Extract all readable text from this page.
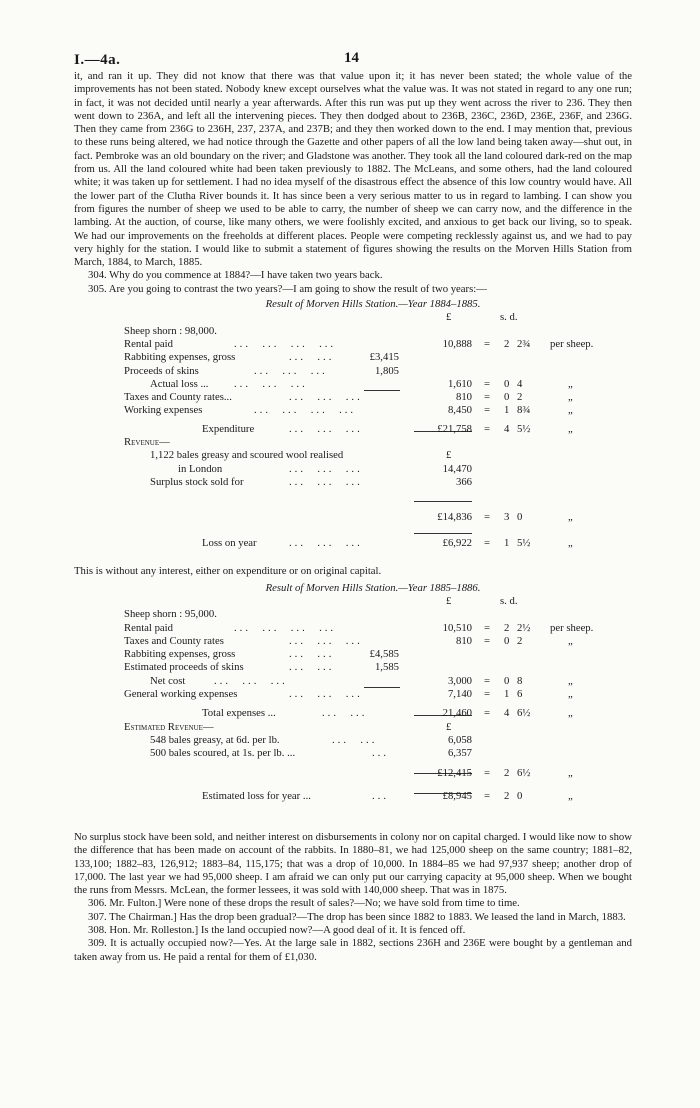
I.—4a.	14

it, and ran it up. They did not know that there was that value upon it; it has never been stated; the whole value of the improvements has not been stated. Nobody knew except ourselves what the value was. It was not stated in regard to any one run; in fact, it was not decided until nearly a year afterwards. After this run was put up they went across the river to 236. They then went down to 236A, and left all the intervening pieces. They then dodged about to 236B, 236C, 236D, 236E, 236F, and 236G. Then they came from 236G to 236H, 237, 237A, and 237B; and they then worked down to the end. I may mention that, previous to these runs being altered, we had notice through the Gazette and other papers of all the low land being taken away—shut out, in fact. Pembroke was an old boundary on the river; and Gladstone was another. They took all the land coloured dark-red on the map from us. All the land coloured white had been taken previously to 1882. The McLeans, and some others, had the land coloured white; it was taken up for settlement. I had no idea myself of the disastrous effect the absence of this low country would have. All the lower part of the Clutha River bounds it. It has since been a very serious matter to us in regard to lambing. I can show you from figures the number of sheep we used to be able to carry, the number of sheep we can carry now, and the difference in the lambing. At the auction, of course, like many others, we were foolishly excited, and anxious to get back our living, so to speak. We had our improvements on the freeholds at different places. People were competing recklessly against us, and we had to pay very highly for the station. I would like to submit a statement of figures showing the results on the Morven Hills Station from March, 1884, to March, 1885.

304. Why do you commence at 1884?—I have taken two years back.

305. Are you going to contrast the two years?—I am going to show the result of two years:—

Result of Morven Hills Station.—Year 1884–1885.
£	s. d.
Sheep shorn : 98,000.
Rental paid	...  ...  ...  ...	10,888 = 2 2¾ per sheep.
Rabbiting expenses, gross	...  ...	£3,415
Proceeds of skins	...  ...  ...	1,805
Actual loss ... ...  ...  ...	1,610 = 0 4	„
Taxes and County rates...	...  ...  ...	810 = 0 2	„
Working expenses	...  ...  ...  ...	8,450 = 1 8¾	„
Expenditure	...  ...  ...	£21,758 = 4 5½	„
Revenue—
1,122 bales greasy and scoured wool realised	£
in London	...  ...  ...	14,470
Surplus stock sold for	...  ...  ...	366
£14,836 = 3 0	„
Loss on year	...  ...  ...	£6,922 = 1 5½	„

This is without any interest, either on expenditure or on original capital.

Result of Morven Hills Station.—Year 1885–1886.
£	s. d.
Sheep shorn : 95,000.
Rental paid	...  ...  ...  ...	10,510 = 2 2½ per sheep.
Taxes and County rates	...  ...  ...	810 = 0 2	„
Rabbiting expenses, gross	...  ...	£4,585
Estimated proceeds of skins	...  ...	1,585
Net cost	...  ...  ...	3,000 = 0 8	„
General working expenses	...  ...  ...	7,140 = 1 6	„
Total expenses ...	...  ...	21,460 = 4 6½	„
Estimated Revenue—	£
548 bales greasy, at 6d. per lb.	...  ...	6,058
500 bales scoured, at 1s. per lb. ...	...	6,357
£12,415 = 2 6½	„
Estimated loss for year ...	...	£8,945 = 2 0	„

No surplus stock have been sold, and neither interest on disbursements in colony nor on capital charged. I would like now to show the difference that has been made on account of the rabbits. In 1880–81, we had 125,000 sheep on the same country; 1881–82, 133,100; 1882–83, 126,912; 1883–84, 115,175; that was a drop of 10,000. In 1884–85 we had 97,937 sheep; another drop of 17,000. The last year we had 95,000 sheep. I am afraid we can only put our carrying capacity at 95,000 sheep. When we bought the runs from Messrs. McLean, the former lessees, it was sold with 140,000 sheep. That was in 1875.

306. Mr. Fulton.] Were none of these drops the result of sales?—No; we have sold from time to time.

307. The Chairman.] Has the drop been gradual?—The drop has been since 1882 to 1883. We leased the land in March, 1883.

308. Hon. Mr. Rolleston.] Is the land occupied now?—A good deal of it. It is fenced off.

309. It is actually occupied now?—Yes. At the large sale in 1882, sections 236H and 236E were bought by a gentleman and taken away from us. He paid a rental for them of £1,030.
